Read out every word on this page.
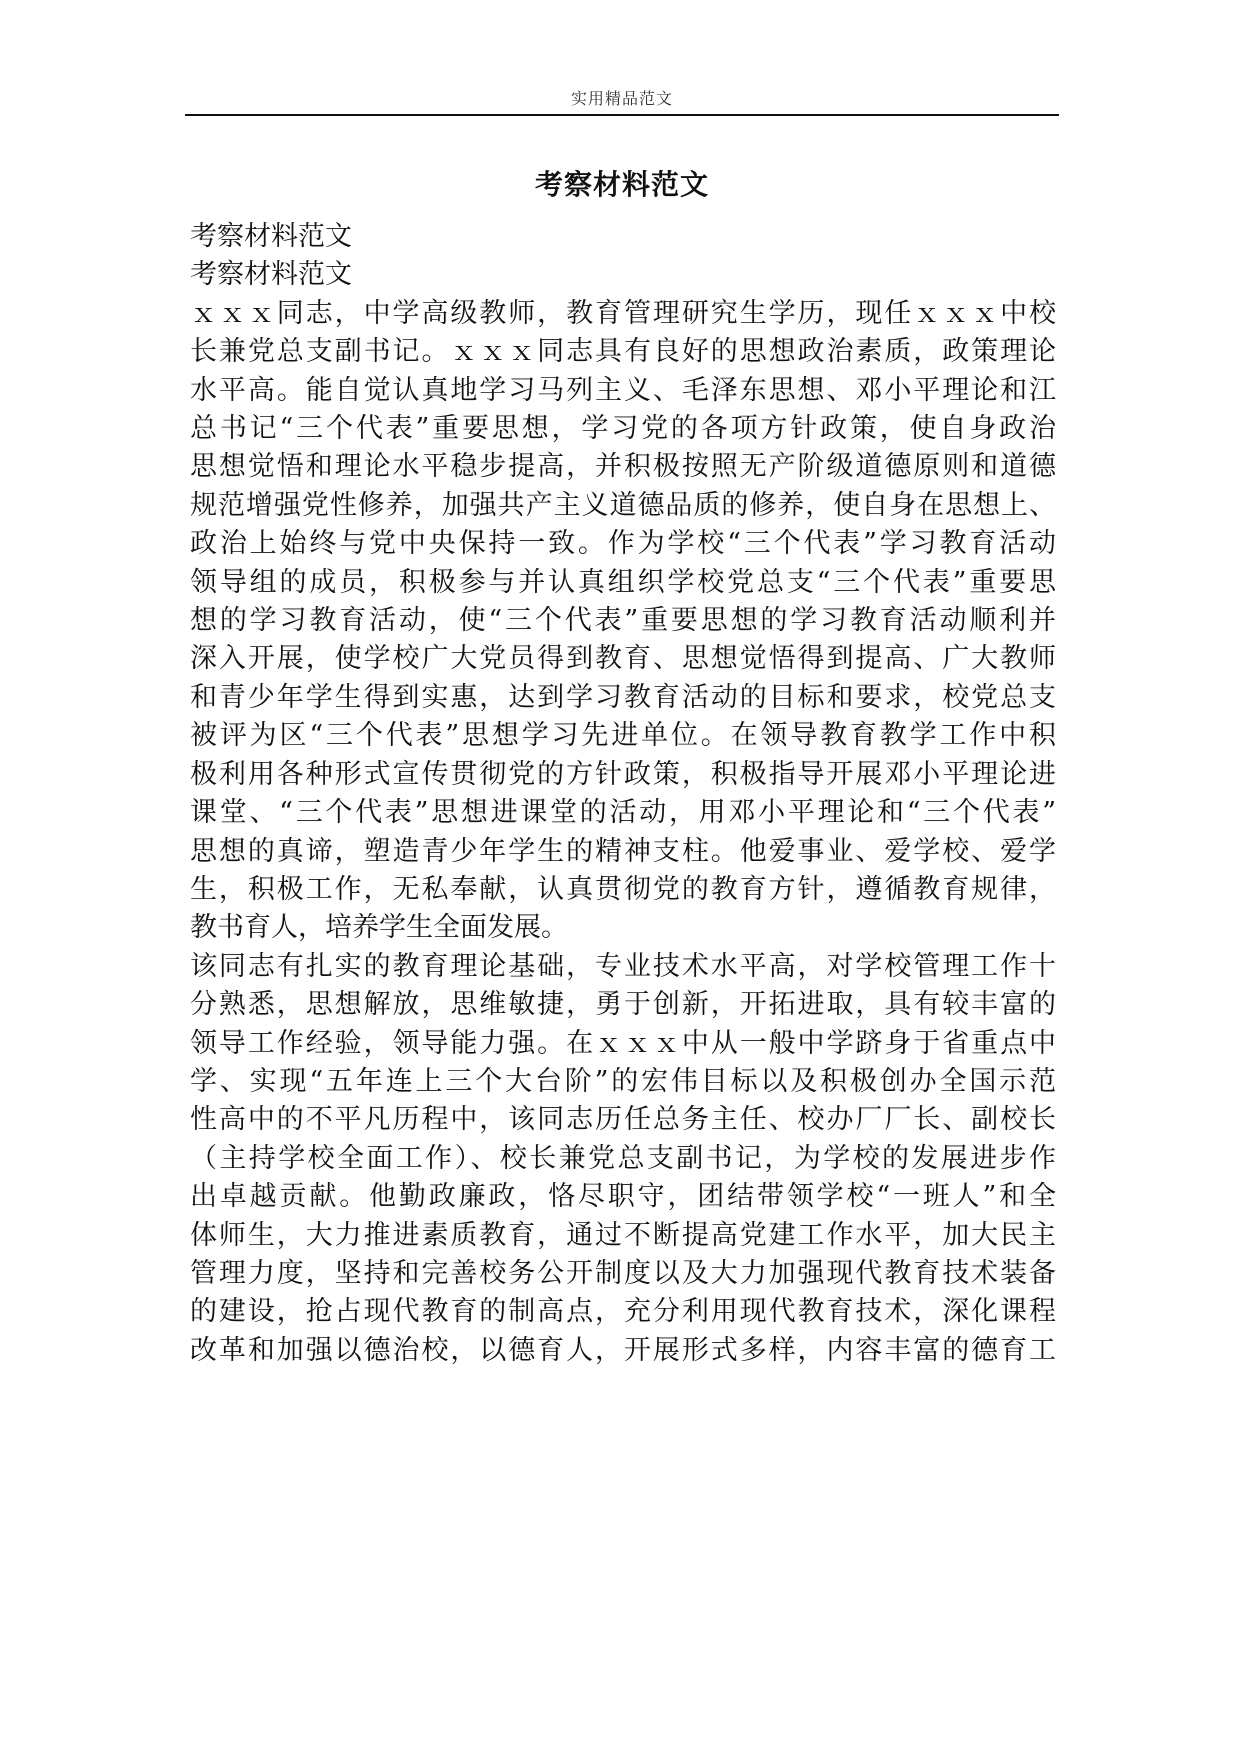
实用精品范文
考察材料范文
考察材料范文
考察材料范文
ｘｘｘ同志，中学高级教师，教育管理研究生学历，现任ｘｘｘ中校
长兼党总支副书记。ｘｘｘ同志具有良好的思想政治素质，政策理论
水平高。能自觉认真地学习马列主义、毛泽东思想、邓小平理论和江
总书记“三个代表”重要思想，学习党的各项方针政策，使自身政治
思想觉悟和理论水平稳步提高，并积极按照无产阶级道德原则和道德
规范增强党性修养，加强共产主义道德品质的修养，使自身在思想上、
政治上始终与党中央保持一致。作为学校“三个代表”学习教育活动
领导组的成员，积极参与并认真组织学校党总支“三个代表”重要思
想的学习教育活动，使“三个代表”重要思想的学习教育活动顺利并
深入开展，使学校广大党员得到教育、思想觉悟得到提高、广大教师
和青少年学生得到实惠，达到学习教育活动的目标和要求，校党总支
被评为区“三个代表”思想学习先进单位。在领导教育教学工作中积
极利用各种形式宣传贯彻党的方针政策，积极指导开展邓小平理论进
课堂、“三个代表”思想进课堂的活动，用邓小平理论和“三个代表”
思想的真谛，塑造青少年学生的精神支柱。他爱事业、爱学校、爱学
生，积极工作，无私奉献，认真贯彻党的教育方针，遵循教育规律，
教书育人，培养学生全面发展。
该同志有扎实的教育理论基础，专业技术水平高，对学校管理工作十
分熟悉，思想解放，思维敏捷，勇于创新，开拓进取，具有较丰富的
领导工作经验，领导能力强。在ｘｘｘ中从一般中学跻身于省重点中
学、实现“五年连上三个大台阶”的宏伟目标以及积极创办全国示范
性高中的不平凡历程中，该同志历任总务主任、校办厂厂长、副校长
（主持学校全面工作）、校长兼党总支副书记，为学校的发展进步作
出卓越贡献。他勤政廉政，恪尽职守，团结带领学校“一班人”和全
体师生，大力推进素质教育，通过不断提高党建工作水平，加大民主
管理力度，坚持和完善校务公开制度以及大力加强现代教育技术装备
的建设，抢占现代教育的制高点，充分利用现代教育技术，深化课程
改革和加强以德治校，以德育人，开展形式多样，内容丰富的德育工
